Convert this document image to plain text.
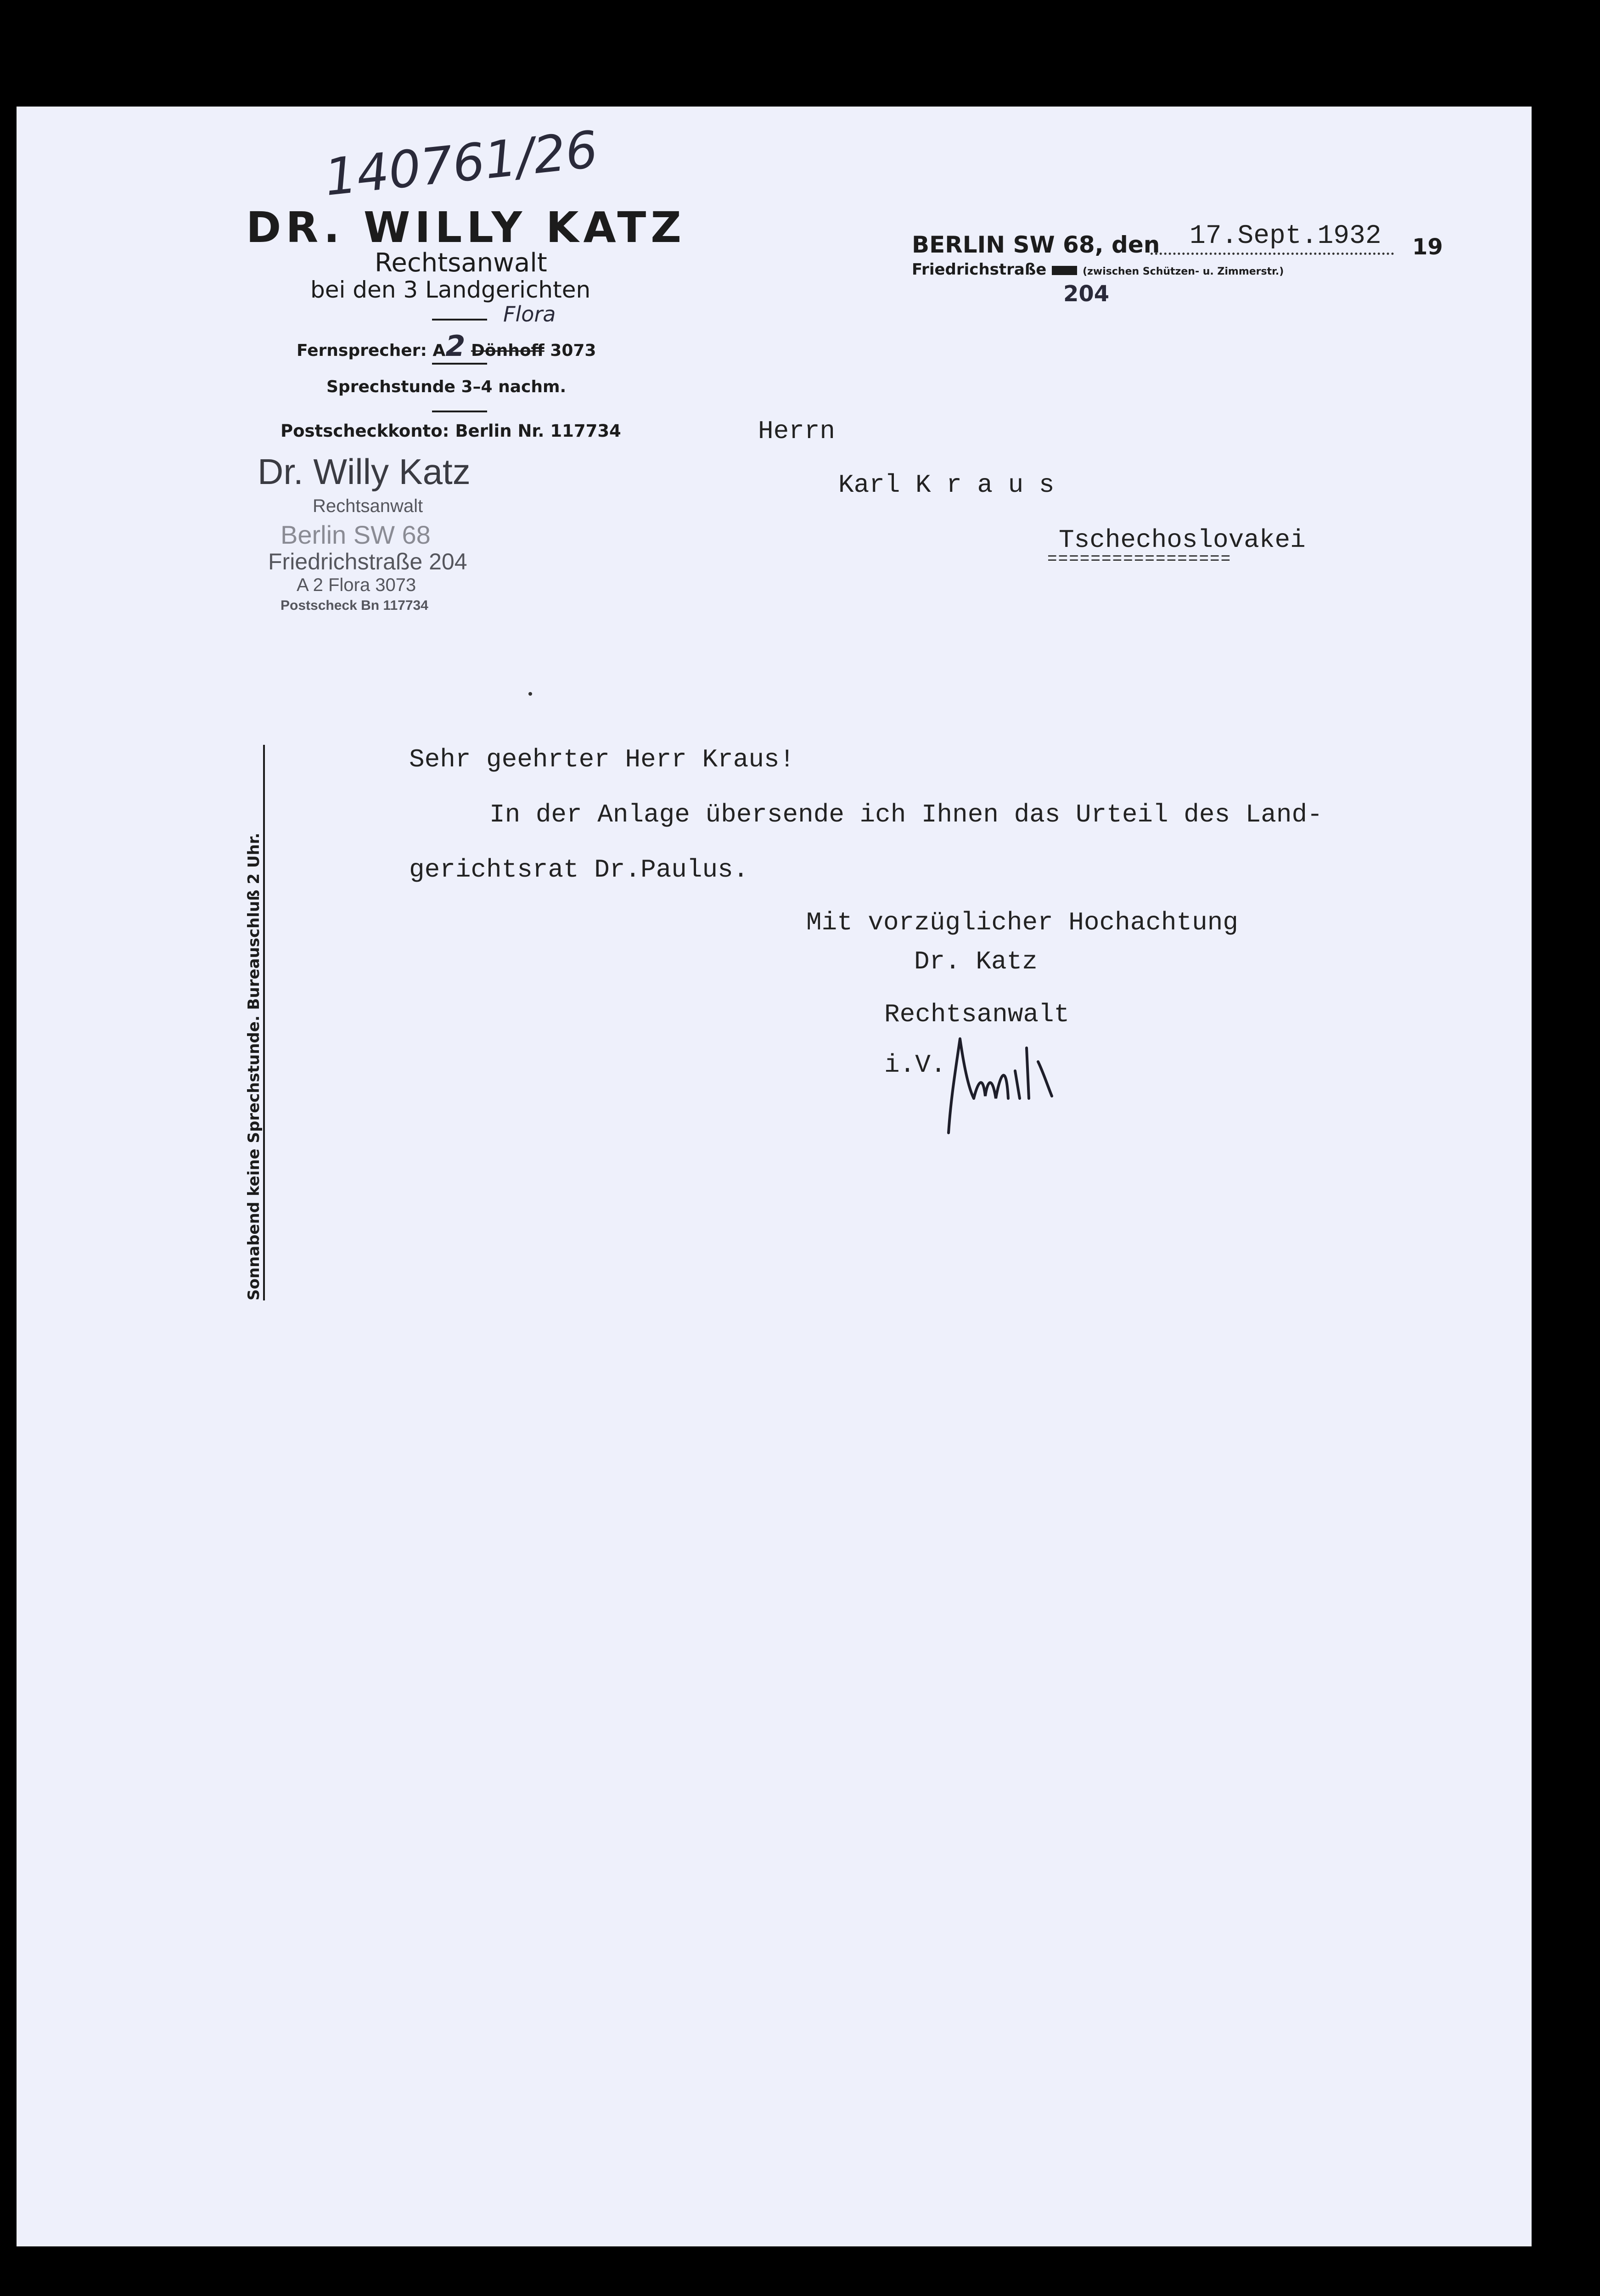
140761/26
DR. WILLY KATZ
Rechtsanwalt
bei den 3 Landgerichten
Fernsprecher: A2 Dönhoff 3073
Flora
Sprechstunde 3–4 nachm.
Postscheckkonto: Berlin Nr. 117734
Dr. Willy Katz
Rechtsanwalt
Berlin SW 68
Friedrichstraße 204
A 2 Flora 3073
Postscheck Bn 117734
BERLIN SW 68, den 17.Sept.1932 19
Friedrichstraße	(zwischen Schützen- u. Zimmerstr.)
204
Herrn
Karl K r a u s
Tschechoslovakei
=================
Sonnabend keine Sprechstunde. Bureauschluß 2 Uhr.
Sehr geehrter Herr Kraus!
In der Anlage übersende ich Ihnen das Urteil des Land-
gerichtsrat Dr.Paulus.
Mit vorzüglicher Hochachtung
Dr. Katz
Rechtsanwalt
i.V.
